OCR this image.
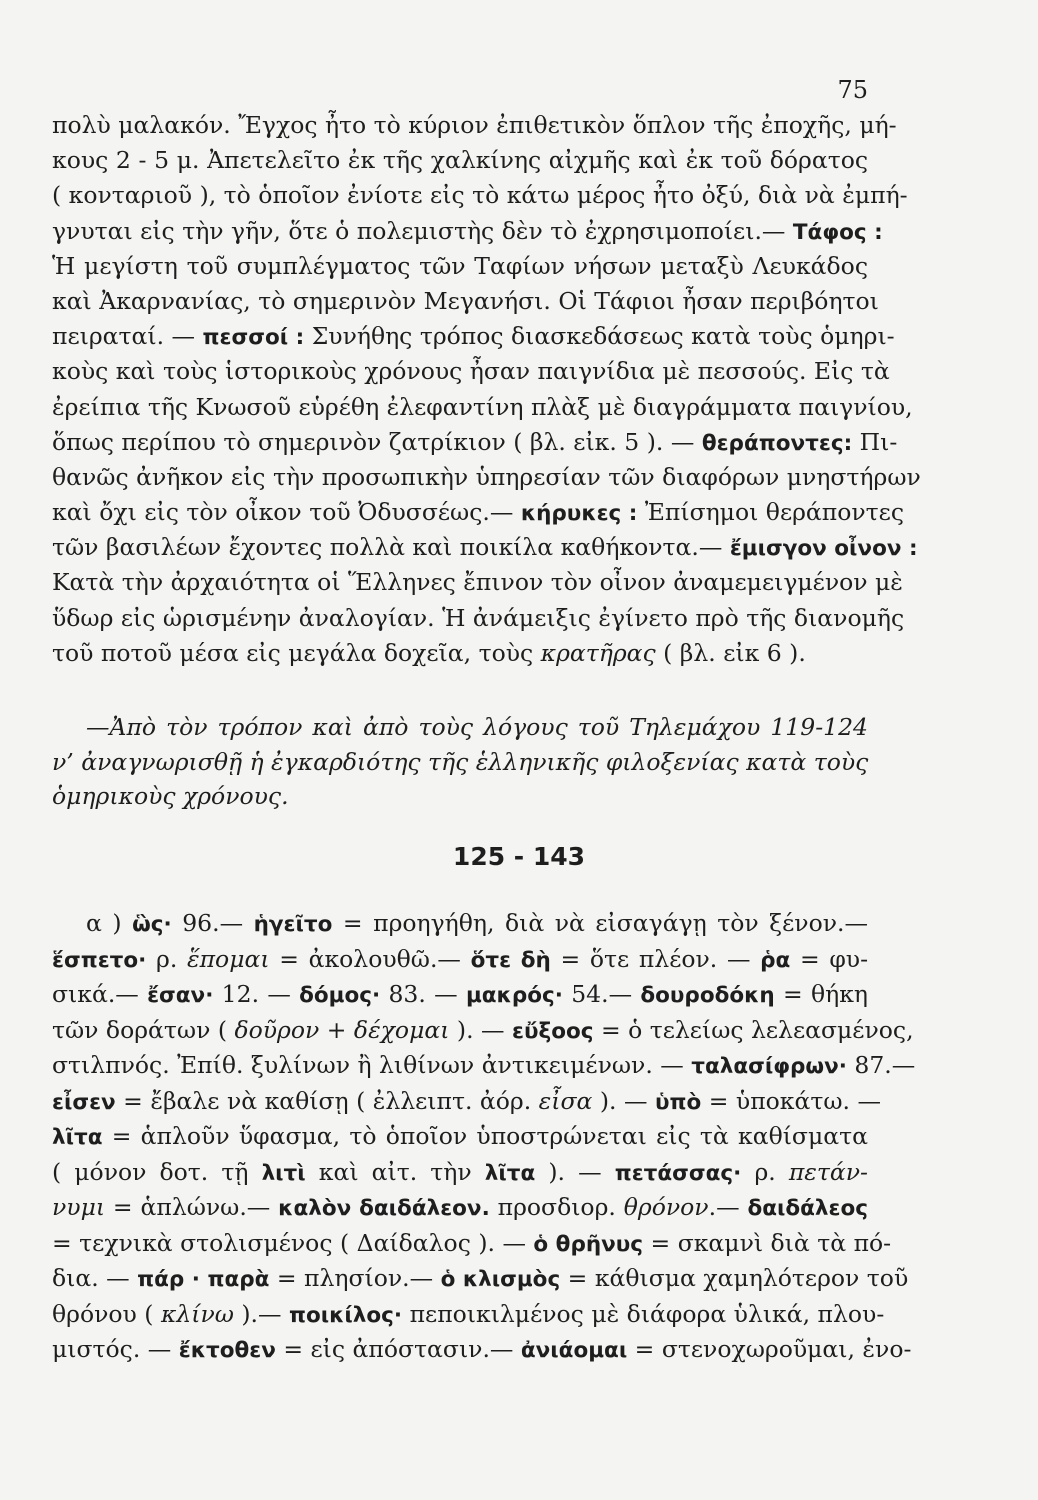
75
πολὺ μαλακόν. Ἔγχος ἦτο τὸ κύριον ἐπιθετικὸν ὅπλον τῆς ἐποχῆς, μή-
κους 2 - 5 μ. Ἀπετελεῖτο ἐκ τῆς χαλκίνης αἰχμῆς καὶ ἐκ τοῦ δόρατος
( κονταριοῦ ), τὸ ὁποῖον ἐνίοτε εἰς τὸ κάτω μέρος ἦτο ὀξύ, διὰ νὰ ἐμπή-
γνυται εἰς τὴν γῆν, ὅτε ὁ πολεμιστὴς δὲν τὸ ἐχρησιμοποίει.— Τάφος :
Ἡ μεγίστη τοῦ συμπλέγματος τῶν Ταφίων νήσων μεταξὺ Λευκάδος
καὶ Ἀκαρνανίας, τὸ σημερινὸν Μεγανήσι. Οἱ Τάφιοι ἦσαν περιβόητοι
πειραταί. — πεσσοί : Συνήθης τρόπος διασκεδάσεως κατὰ τοὺς ὁμηρι-
κοὺς καὶ τοὺς ἱστορικοὺς χρόνους ἦσαν παιγνίδια μὲ πεσσούς. Εἰς τὰ
ἐρείπια τῆς Κνωσοῦ εὑρέθη ἐλεφαντίνη πλὰξ μὲ διαγράμματα παιγνίου,
ὅπως περίπου τὸ σημερινὸν ζατρίκιον ( βλ. εἰκ. 5 ). — θεράποντες: Πι-
θανῶς ἀνῆκον εἰς τὴν προσωπικὴν ὑπηρεσίαν τῶν διαφόρων μνηστήρων
καὶ ὄχι εἰς τὸν οἶκον τοῦ Ὀδυσσέως.— κήρυκες : Ἐπίσημοι θεράποντες
τῶν βασιλέων ἔχοντες πολλὰ καὶ ποικίλα καθήκοντα.— ἔμισγον οἶνον :
Κατὰ τὴν ἀρχαιότητα οἱ Ἕλληνες ἔπινον τὸν οἶνον ἀναμεμειγμένον μὲ
ὕδωρ εἰς ὡρισμένην ἀναλογίαν. Ἡ ἀνάμειξις ἐγίνετο πρὸ τῆς διανομῆς
τοῦ ποτοῦ μέσα εἰς μεγάλα δοχεῖα, τοὺς κρατῆρας ( βλ. εἰκ 6 ).
—Ἀπὸ τὸν τρόπον καὶ ἀπὸ τοὺς λόγους τοῦ Τηλεμάχου 119-124
ν’ ἀναγνωρισθῇ ἡ ἐγκαρδιότης τῆς ἑλληνικῆς φιλοξενίας κατὰ τοὺς
ὁμηρικοὺς χρόνους.
125 - 143
α ) ὣς· 96.— ἡγεῖτο = προηγήθη, διὰ νὰ εἰσαγάγῃ τὸν ξένον.—
ἕσπετο· ρ. ἕπομαι = ἀκολουθῶ.— ὅτε δὴ = ὅτε πλέον. — ῥα = φυ-
σικά.— ἔσαν· 12. — δόμος· 83. — μακρός· 54.— δουροδόκη = θήκη
τῶν δοράτων ( δοῦρον + δέχομαι ). — εὔξοος = ὁ τελείως λελεασμένος,
στιλπνός. Ἐπίθ. ξυλίνων ἢ λιθίνων ἀντικειμένων. — ταλασίφρων· 87.—
εἶσεν = ἔβαλε νὰ καθίσῃ ( ἐλλειπτ. ἀόρ. εἶσα ). — ὑπὸ = ὑποκάτω. —
λῖτα = ἁπλοῦν ὕφασμα, τὸ ὁποῖον ὑποστρώνεται εἰς τὰ καθίσματα
( μόνον δοτ. τῇ λιτὶ καὶ αἰτ. τὴν λῖτα ). — πετάσσας· ρ. πετάν-
νυμι = ἁπλώνω.— καλὸν δαιδάλεον. προσδιορ. θρόνον.— δαιδάλεος
= τεχνικὰ στολισμένος ( Δαίδαλος ). — ὁ θρῆνυς = σκαμνὶ διὰ τὰ πό-
δια. — πάρ · παρὰ = πλησίον.— ὁ κλισμὸς = κάθισμα χαμηλότερον τοῦ
θρόνου ( κλίνω ).— ποικίλος· πεποικιλμένος μὲ διάφορα ὑλικά, πλου-
μιστός. — ἔκτοθεν = εἰς ἀπόστασιν.— ἀνιάομαι = στενοχωροῦμαι, ἐνο-
